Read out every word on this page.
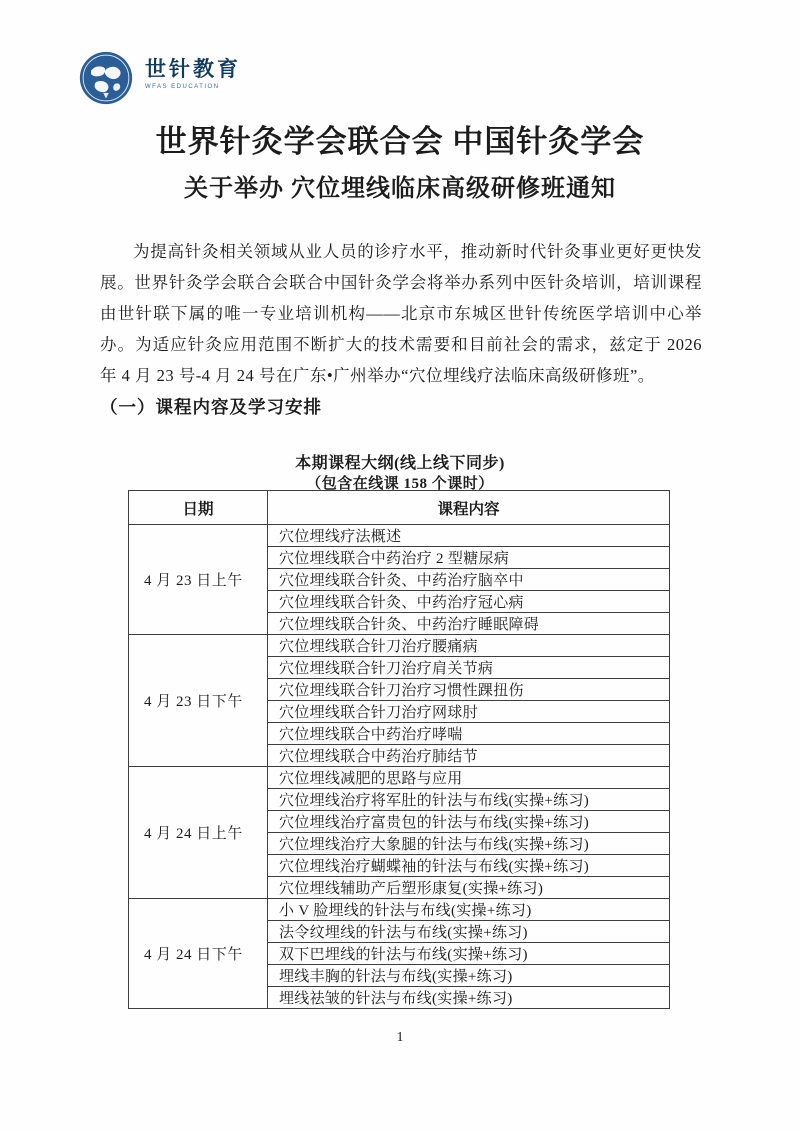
世针教育
WFAS EDUCATION
世界针灸学会联合会 中国针灸学会
关于举办 穴位埋线临床高级研修班通知
为提高针灸相关领域从业人员的诊疗水平，推动新时代针灸事业更好更快发展。世界针灸学会联合会联合中国针灸学会将举办系列中医针灸培训，培训课程由世针联下属的唯一专业培训机构——北京市东城区世针传统医学培训中心举办。为适应针灸应用范围不断扩大的技术需要和目前社会的需求，兹定于 2026 年 4 月 23 号-4 月 24 号在广东•广州举办“穴位埋线疗法临床高级研修班”。
（一）课程内容及学习安排
本期课程大纲(线上线下同步)
（包含在线课 158 个课时）
日期	课程内容
4 月 23 日上午	穴位埋线疗法概述
	穴位埋线联合中药治疗 2 型糖尿病
	穴位埋线联合针灸、中药治疗脑卒中
	穴位埋线联合针灸、中药治疗冠心病
	穴位埋线联合针灸、中药治疗睡眠障碍
4 月 23 日下午	穴位埋线联合针刀治疗腰痛病
	穴位埋线联合针刀治疗肩关节病
	穴位埋线联合针刀治疗习惯性踝扭伤
	穴位埋线联合针刀治疗网球肘
	穴位埋线联合中药治疗哮喘
	穴位埋线联合中药治疗肺结节
4 月 24 日上午	穴位埋线减肥的思路与应用
	穴位埋线治疗将军肚的针法与布线(实操+练习)
	穴位埋线治疗富贵包的针法与布线(实操+练习)
	穴位埋线治疗大象腿的针法与布线(实操+练习)
	穴位埋线治疗蝴蝶袖的针法与布线(实操+练习)
	穴位埋线辅助产后塑形康复(实操+练习)
4 月 24 日下午	小 V 脸埋线的针法与布线(实操+练习)
	法令纹埋线的针法与布线(实操+练习)
	双下巴埋线的针法与布线(实操+练习)
	埋线丰胸的针法与布线(实操+练习)
	埋线祛皱的针法与布线(实操+练习)
1
